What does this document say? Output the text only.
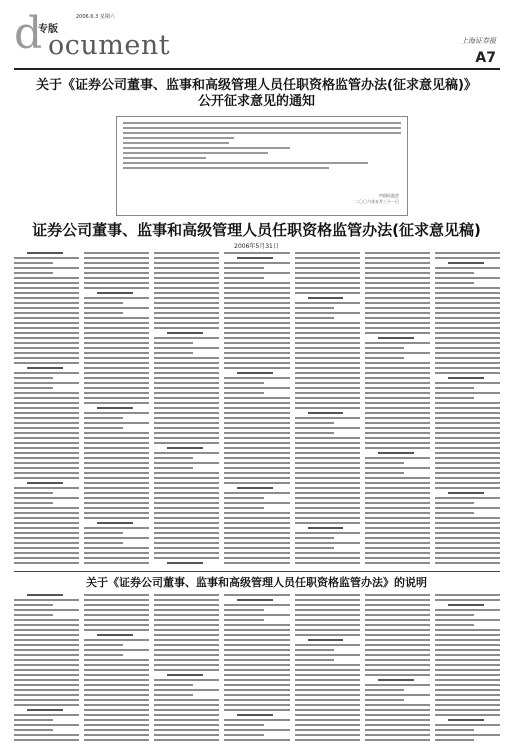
d
专版
2006.6.3 星期六
ocument	上海证券报
A7
关于《证券公司董事、监事和高级管理人员任职资格监管办法(征求意见稿)》
公开征求意见的通知
中国证监会
二〇〇六年五月三十一日
证券公司董事、监事和高级管理人员任职资格监管办法(征求意见稿)
2006年5月31日
关于《证券公司董事、监事和高级管理人员任职资格监管办法》的说明
